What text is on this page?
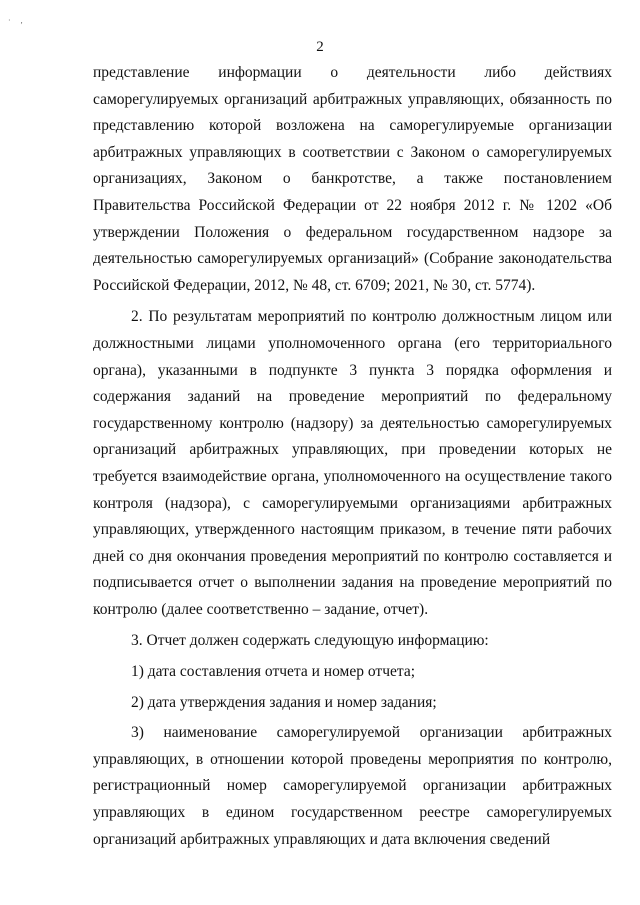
· ,
2

представление информации о деятельности либо действиях саморегулируемых организаций арбитражных управляющих, обязанность по представлению которой возложена на саморегулируемые организации арбитражных управляющих в соответствии с Законом о саморегулируемых организациях, Законом о банкротстве, а также постановлением Правительства Российской Федерации от 22 ноября 2012 г. № 1202 «Об утверждении Положения о федеральном государственном надзоре за деятельностью саморегулируемых организаций» (Собрание законодательства Российской Федерации, 2012, № 48, ст. 6709; 2021, № 30, ст. 5774).

2. По результатам мероприятий по контролю должностным лицом или должностными лицами уполномоченного органа (его территориального органа), указанными в подпункте 3 пункта 3 порядка оформления и содержания заданий на проведение мероприятий по федеральному государственному контролю (надзору) за деятельностью саморегулируемых организаций арбитражных управляющих, при проведении которых не требуется взаимодействие органа, уполномоченного на осуществление такого контроля (надзора), с саморегулируемыми организациями арбитражных управляющих, утвержденного настоящим приказом, в течение пяти рабочих дней со дня окончания проведения мероприятий по контролю составляется и подписывается отчет о выполнении задания на проведение мероприятий по контролю (далее соответственно – задание, отчет).

3. Отчет должен содержать следующую информацию:

1) дата составления отчета и номер отчета;

2) дата утверждения задания и номер задания;

3) наименование саморегулируемой организации арбитражных управляющих, в отношении которой проведены мероприятия по контролю, регистрационный номер саморегулируемой организации арбитражных управляющих в едином государственном реестре саморегулируемых организаций арбитражных управляющих и дата включения сведений
